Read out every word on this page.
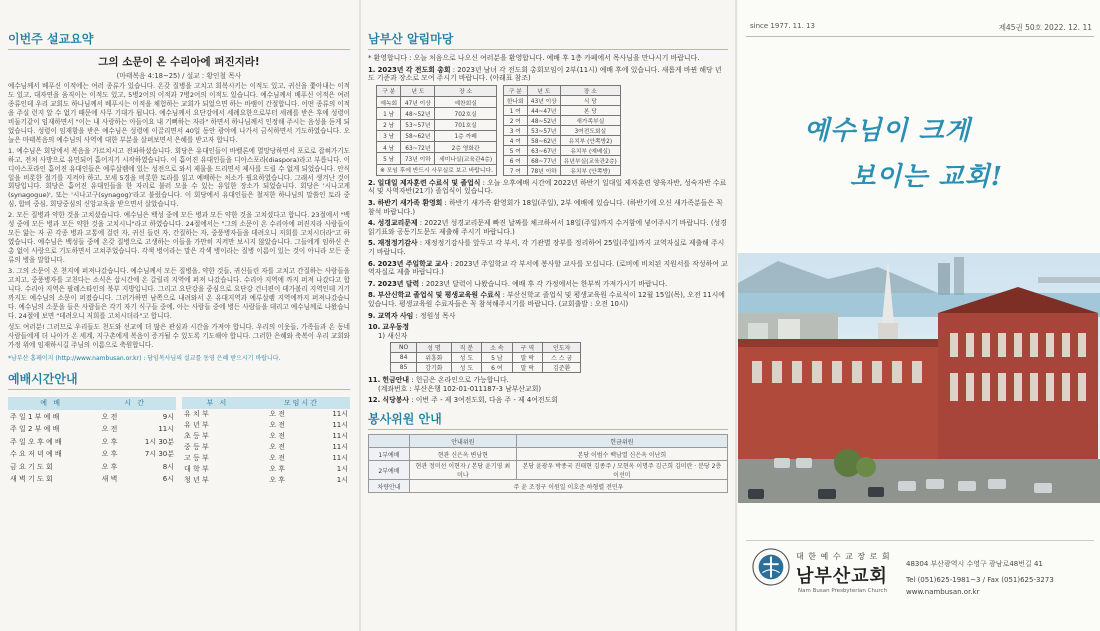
이번주 설교요약
그의 소문이 온 수리아에 퍼진지라!
(마태복음 4:18~25) / 설교 : 황인철 목사

예수님께서 베푸신 이적에는 여러 종류가 있습니다. 온갖 질병을 고치고 회복시키는 이적도 있고, 귀신을 쫓아내는 이적도 있고, 대자연을 움직이는 이적도 있고, 5병2어의 이적과 7병2어의 이적도 있습니다. 예수님께서 베푸신 이적은 여러 종류인데 우리 교회도 하나님께서 베푸시는 이적을 체험하는 교회가 되었으면 하는 바램이 간절합니다. 어떤 종류의 이적을 주실 런지 알 수 없기 때문에 사무 기대가 됩니다. 예수님께서 요단강에서 세례요한으로부터 세례를 받은 후에 성령이 비둘기같이 임재하면서 "이는 내 사랑하는 아들이요 내 기뻐하는 자라" 하면서 하나님께서 인정해 주시는 음성을 듣게 되었습니다. 성령이 임재함을 받은 예수님은 성령에 이끌리면서 40일 동안 광야에 나가서 금식하면서 기도하였습니다. 오늘은 마태복음의 예수님의 사역에 대한 부분을 살펴보면서 은혜를 받고자 합니다.

1. 예수님은 회당에서 복음을 가르치시고 전파하셨습니다. 회당은 유대인들이 바벨론에 멸망당하면서 포로로 잡혀가기도 하고, 전처 사방으로 유민되어 흩어지기 시작하였습니다. 이 흩어진 유대인들을 디아스포라(diaspora)라고 부릅니다. 이 디아스포라인 흩어진 유대인들은 예루살렘에 있는 성전으로 와서 제물을 드리면서 제사를 드릴 수 없게 되었습니다. 안식일을 비롯한 절기를 지켜야 하고, 모세 5경을 비롯한 토라를 읽고 예배하는 처소가 필요하였습니다. 그래서 생겨난 것이 회당입니다. 회당은 흩어진 유대인들을 한 자리로 불러 모을 수 있는 유일한 장소가 되었습니다. 회당은 '시나고게(synagogue)', 또는 '시나고구(synagog)'라고 불렀습니다. 이 회당에서 유대인들은 철저한 하나님의 말씀인 토라 중심, 합비 중심, 회당중심의 신앙교육을 받으면서 살았습니다.

2. 모든 질병과 약한 것을 고치셨습니다. 예수님은 백성 중에 모든 병과 모든 약한 것을 고치셨다고 합니다. 23절에서 "백성 중에 모든 병과 모든 약한 것을 고치시니"라고 하였습니다. 24절에서는 "그의 소문이 온 수리아에 퍼진지라 사람들이 모든 앓는 자 곧 각종 병과 고통에 걸린 자, 귀신 들린 자, 간질하는 자, 중풍병자들을 데려오니 저희를 고치시더라"고 하였습니다. 예수님은 백성들 중에 온갖 질병으로 고생하는 이들을 가만히 지켜만 보시지 않았습니다. 그들에게 임하신 은총 없이 사랑으로 기도하면서 고쳐주었습니다. 각색 병이라는 말은 각색 병이라는 질병 이름이 있는 것이 아니라 모든 종류의 병을 말합니다.

3. 그의 소문이 온 천지에 퍼져나갔습니다. 예수님께서 모든 질병을, 약한 것들, 귀신들린 자를 고치고 간질하는 사람들을 고치고, 중풍병자를 고친다는 소식은 삽시간에 온 갈릴리 지역에 퍼져 나갔습니다. 수리아 지역에 까지 퍼져 나갔다고 합니다. 수리아 지역은 팔레스타인의 북부 지방입니다. 그리고 요단강을 중심으로 요단강 건너편이 데가볼리 지역인데 거기까지도 예수님의 소문이 퍼졌습니다. 그러가하면 남쪽으로 내려와서 온 유대지역과 예루살렘 지역에까지 퍼져나갔습니다. 예수님의 소문을 들은 사람들은 각기 자기 식구들 중에, 아는 사람들 중에 병든 사람들을 데리고 예수님께로 나왔습니다. 24절에 보면 "데려오니 저희를 고치시더라"고 합니다.

성도 여러분! 그러므로 우리들도 천도와 선교에 더 많은 관심과 시간을 가져야 합니다. 우리의 이웃들, 가족들과 온 동네 사람들에게 더 나아가 온 세계, 지구촌에게 복음이 증거될 수 있도록 기도해야 합니다. 그러한 은혜와 축복이 우리 교회와 가정 위에 임재하시길 주님의 이름으로 축원합니다.

*남부산 홈페이지 (http://www.nambusan.or.kr) : 담임목사님의 설교를 동영 은혜 받으시기 바랍니다.
예배시간안내
예 배	시 간	
주 일 1 부 예 배	오 전	9시
주 일 2 부 예 배	오 전	11시
주 일 오 후 예 배	오 후	1시 30분
수 요 저 녁 예 배	오 후	7시 30분
금 요 기 도 회	오 후	8시
새 벽 기 도 회	새 벽	6시
부 서	모임시간	
유 치 부	오 전	11시
유 년 부	오 전	11시
초 등 부	오 전	11시
중 등 부	오 전	11시
고 등 부	오 전	11시
대 학 부	오 후	1시
청 년 부	오 후	1시
남부산 알림마당
* 환영합니다 : 오늘 처음으로 나오신 여러분을 환영합니다. 예배 후 1층 카페에서 목사님을 만나시기 바랍니다.
1. 2023년 각 전도회 총회 : 2023년 남녀 각 전도회 총회모임이 2부(11시) 예배 후에 있습니다. 새롭게 바뀐 해당 년도 기준과 장소로 모여 주시기 바랍니다. (아래표 참조)
구 분	년 도	장 소
예녹회	47년 이상	예찬회실
1 남	48~52년	702호실
2 남	53~57년	701호실
3 남	58~62년	1층 까페
4 남	63~72년	2층 영화관
5 남	73년 이하	세미나실(교육관4층)
※ 모임 후에 반드시 사무실로 보고 바랍니다.		
구 분	년 도	장 소
한나회	43년 이상	식 당
1 여	44~47년	본 당
2 여	48~52년	새가족부실
3 여	53~57년	3여전도회실
4 여	58~62년	유치부 (안쪽방2)
5 여	63~67년	유치부 (예배실)
6 여	68~77년	유년부실(교육관2층)
7 여	78년 이하	유치부 (안쪽방)
2. 일대일 제자훈련 수료식 및 졸업식 : 오늘 오후예배 시간에 2022년 하반기 일대일 제자훈련 양육자반, 성숙자반 수료식 및 사역자반(21기) 졸업식이 있습니다.
3. 하반기 새가족 환영회 : 하반기 새가족 환영회가 18일(주일), 2부 예배에 있습니다. (하반기에 오신 새가족분들은 꼭 참석 바랍니다.)
4. 성경교리문제 : 2022년 성경교리문제 빠진 날짜를 체크하셔서 18일(주일)까지 수거함에 넣어주시기 바랍니다. (성경읽기표와 공동기도문도 제출해 주시기 바랍니다.)
5. 재정정기감사 : 재정정기감사를 앞두고 각 부서, 각 기관별 장부를 정리하여 25일(주일)까지 교역자실로 제출해 주시기 바랍니다.
6. 2023년 주일학교 교사 : 2023년 주일학교 각 부서에 봉사할 교사를 모십니다. (로비에 비치된 지원서를 작성하여 교역자실로 제출 바랍니다.)
7. 2023년 달력 : 2023년 달력이 나왔습니다. 예배 후 각 가정에서는 한부씩 가져가시기 바랍니다.
8. 부산신학교 졸업식 및 평생교육원 수료식 : 부산신학교 졸업식 및 평생교육원 수료식이 12월 15일(목), 오전 11시에 있습니다. 평생교육원 수료자들은 꼭 참석해주시기를 바랍니다. (교회출발 : 오전 10시)
9. 교역자 사임 : 정원성 목사
10. 교우동정
1) 새신자
NO	성 명	직 분	소 속	구 역	인도자
84	위흥화	성 도	5 남	말 락	스 스 궁
85	강기화	성 도	6 여	말 락	김준환
11. 헌금안내 : 헌금은 온라인으로 가능합니다.
(계좌번호 : 부산은행 102-01-011187-3 남부산교회)
12. 식당봉사 : 이번 주 - 제 3여전도회, 다음 주 - 제 4여전도회
봉사위원 안내
	안내위원	헌금위원
1부예배	현관 신은옥 변남현	본당 이범수 백남열 신은옥 이난희
2부예배	현관 정미선 이현자 / 본당 윤기영 최미나	본당 윤광우 박종국 진태현 김종주 / 모현옥 이명주 김근희 김미란 · 분당 2층 이선미
차량안내	주 윤 조정구 이원일 이호준 하형렬 전민우	
since 1977. 11. 13	제45권 50호 2022. 12. 11
예수님이 크게
보이는 교회!
대 한 예 수 교 장 로 회
남부산교회
Nam Busan Presbyterian Church
48304 부산광역시 수영구 광남로48번길 41
Tel (051)625-1981~3 / Fax (051)625-3273
www.nambusan.or.kr
